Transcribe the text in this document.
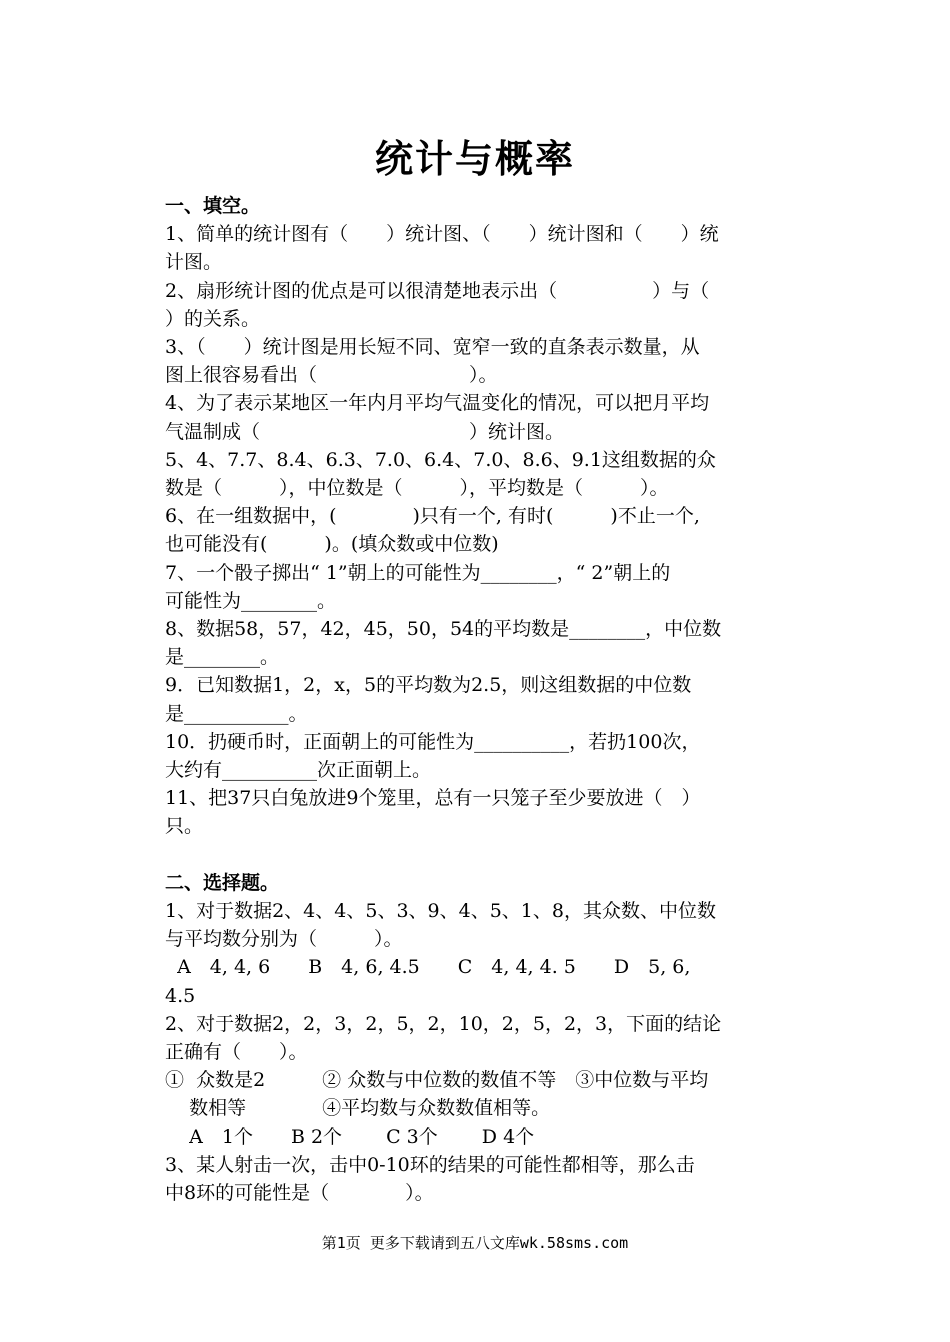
统计与概率
一、填空。
1、简单的统计图有（　　）统计图、（　　）统计图和（　　）统
计图。
2、扇形统计图的优点是可以很清楚地表示出（　　　　　）与（
）的关系。
3、（　　）统计图是用长短不同、宽窄一致的直条表示数量，从
图上很容易看出（　　　　　　　　）。
4、为了表示某地区一年内月平均气温变化的情况，可以把月平均
气温制成（　　　　　　　　　　　）统计图。
5、4、7.7、8.4、6.3、7.0、6.4、7.0、8.6、9.1这组数据的众
数是（　　　），中位数是（　　　），平均数是（　　　）。
6、在一组数据中，(　　　　)只有一个, 有时(　　　)不止一个,
也可能没有(　　　)。(填众数或中位数)
7、一个骰子掷出“ 1”朝上的可能性为________，“ 2”朝上的
可能性为________。
8、数据58，57，42，45，50，54的平均数是________，中位数
是________。
9．已知数据1，2，x，5的平均数为2.5，则这组数据的中位数
是___________。
10．扔硬币时，正面朝上的可能性为__________，若扔100次，
大约有__________次正面朝上。
11、把37只白兔放进9个笼里，总有一只笼子至少要放进（　）
只。
二、选择题。
1、对于数据2、4、4、5、3、9、4、5、1、8，其众数、中位数
与平均数分别为（　　　）。
A　4, 4, 6　　B　4, 6, 4.5　　C　4, 4, 4. 5　　D　5, 6,
4.5
2、对于数据2，2，3，2，5，2，10，2，5，2，3，下面的结论
正确有（　　）。
①  众数是2　　　② 众数与中位数的数值不等　③中位数与平均
数相等　　　　④平均数与众数数值相等。
A　1个　　B 2个　　 C 3个　　 D 4个
3、某人射击一次，击中0-10环的结果的可能性都相等，那么击
中8环的可能性是（　　　　）。
第1页 更多下载请到五八文库wk.58sms.com
